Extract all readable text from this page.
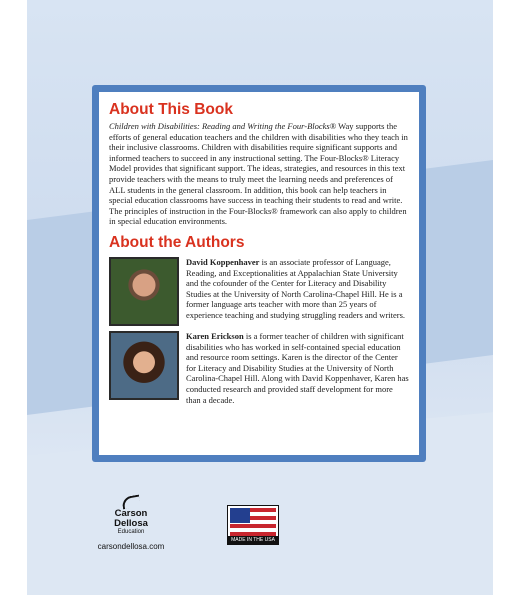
About This Book

Children with Disabilities: Reading and Writing the Four-Blocks® Way supports the efforts of general education teachers and the children with disabilities who they teach in their inclusive classrooms. Children with disabilities require significant supports and informed teachers to succeed in any instructional setting. The Four-Blocks® Literacy Model provides that significant support. The ideas, strategies, and resources in this text provide teachers with the means to truly meet the learning needs and preferences of ALL students in the general classroom. In addition, this book can help teachers in special education classrooms have success in teaching their students to read and write. The principles of instruction in the Four-Blocks® framework can also apply to children in special education environments.

About the Authors

David Koppenhaver is an associate professor of Language, Reading, and Exceptionalities at Appalachian State University and the cofounder of the Center for Literacy and Disability Studies at the University of North Carolina-Chapel Hill. He is a former language arts teacher with more than 25 years of experience teaching and studying struggling readers and writers.

Karen Erickson is a former teacher of children with significant disabilities who has worked in self-contained special education and resource room settings. Karen is the director of the Center for Literacy and Disability Studies at the University of North Carolina-Chapel Hill. Along with David Koppenhaver, Karen has conducted research and provided staff development for more than a decade.

Carson
Dellosa
Education
carsondellosa.com
MADE IN THE USA
